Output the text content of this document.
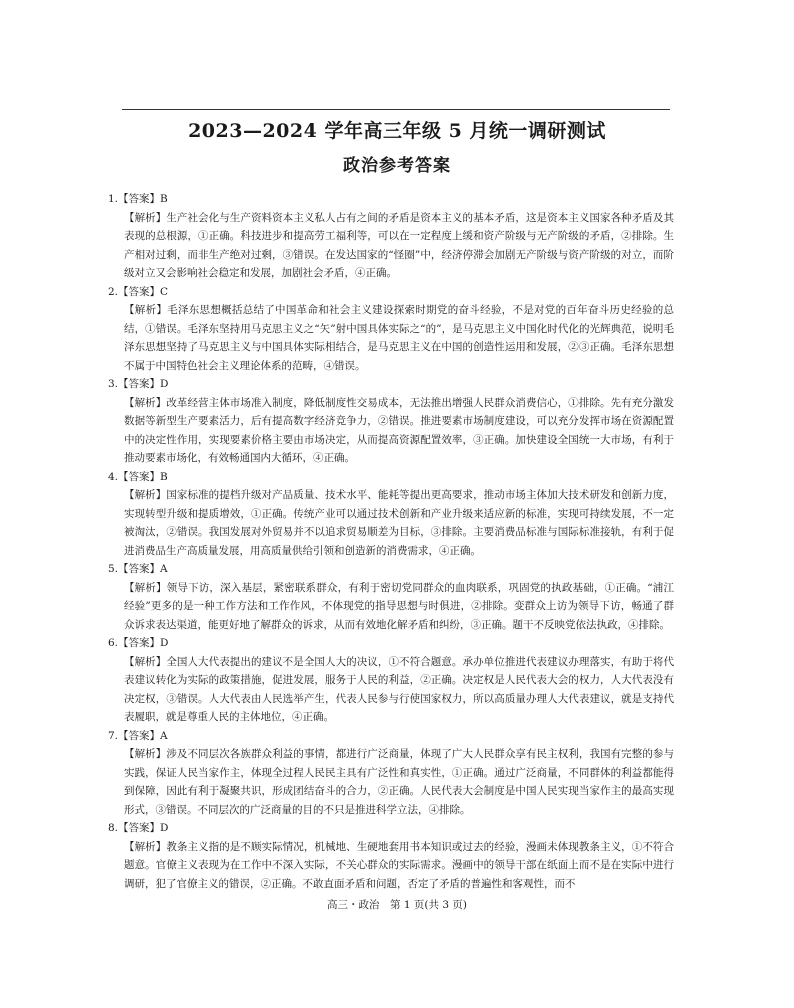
2023—2024 学年高三年级 5 月统一调研测试
政治参考答案
1.【答案】B

【解析】生产社会化与生产资料资本主义私人占有之间的矛盾是资本主义的基本矛盾，这是资本主义国家各种矛盾及其表现的总根源，①正确。科技进步和提高劳工福利等，可以在一定程度上缓和资产阶级与无产阶级的矛盾，②排除。生产相对过剩，而非生产绝对过剩，③错误。在发达国家的“怪圈”中，经济停滞会加剧无产阶级与资产阶级的对立，而阶级对立又会影响社会稳定和发展，加剧社会矛盾，④正确。

2.【答案】C

【解析】毛泽东思想概括总结了中国革命和社会主义建设探索时期党的奋斗经验，不是对党的百年奋斗历史经验的总结，①错误。毛泽东坚持用马克思主义之“矢”射中国具体实际之“的”，是马克思主义中国化时代化的光辉典范，说明毛泽东思想坚持了马克思主义与中国具体实际相结合，是马克思主义在中国的创造性运用和发展，②③正确。毛泽东思想不属于中国特色社会主义理论体系的范畴，④错误。

3.【答案】D

【解析】改革经营主体市场准入制度，降低制度性交易成本，无法推出增强人民群众消费信心，①排除。先有充分激发数据等新型生产要素活力，后有提高数字经济竞争力，②错误。推进要素市场制度建设，可以充分发挥市场在资源配置中的决定性作用，实现要素价格主要由市场决定，从而提高资源配置效率，③正确。加快建设全国统一大市场，有利于推动要素市场化，有效畅通国内大循环，④正确。

4.【答案】B

【解析】国家标准的提档升级对产品质量、技术水平、能耗等提出更高要求，推动市场主体加大技术研发和创新力度，实现转型升级和提质增效，①正确。传统产业可以通过技术创新和产业升级来适应新的标准，实现可持续发展，不一定被淘汰，②错误。我国发展对外贸易并不以追求贸易顺差为目标，③排除。主要消费品标准与国际标准接轨，有利于促进消费品生产高质量发展，用高质量供给引领和创造新的消费需求，④正确。

5.【答案】A

【解析】领导下访，深入基层，紧密联系群众，有利于密切党同群众的血肉联系，巩固党的执政基础，①正确。“浦江经验”更多的是一种工作方法和工作作风，不体现党的指导思想与时俱进，②排除。变群众上访为领导下访，畅通了群众诉求表达渠道，能更好地了解群众的诉求，从而有效地化解矛盾和纠纷，③正确。题干不反映党依法执政，④排除。

6.【答案】D

【解析】全国人大代表提出的建议不是全国人大的决议，①不符合题意。承办单位推进代表建议办理落实，有助于将代表建议转化为实际的政策措施，促进发展，服务于人民的利益，②正确。决定权是人民代表大会的权力，人大代表没有决定权，③错误。人大代表由人民选举产生，代表人民参与行使国家权力，所以高质量办理人大代表建议，就是支持代表履职，就是尊重人民的主体地位，④正确。

7.【答案】A

【解析】涉及不同层次各族群众利益的事情，都进行广泛商量，体现了广大人民群众享有民主权利，我国有完整的参与实践，保证人民当家作主，体现全过程人民民主具有广泛性和真实性，①正确。通过广泛商量，不同群体的利益都能得到保障，因此有利于凝聚共识，形成团结奋斗的合力，②正确。人民代表大会制度是中国人民实现当家作主的最高实现形式，③错误。不同层次的广泛商量的目的不只是推进科学立法，④排除。

8.【答案】D

【解析】教条主义指的是不顾实际情况，机械地、生硬地套用书本知识或过去的经验，漫画未体现教条主义，①不符合题意。官僚主义表现为在工作中不深入实际，不关心群众的实际需求。漫画中的领导干部在纸面上而不是在实际中进行调研，犯了官僚主义的错误，②正确。不敢直面矛盾和问题，否定了矛盾的普遍性和客观性，而不

高三・政治　第 1 页(共 3 页)
